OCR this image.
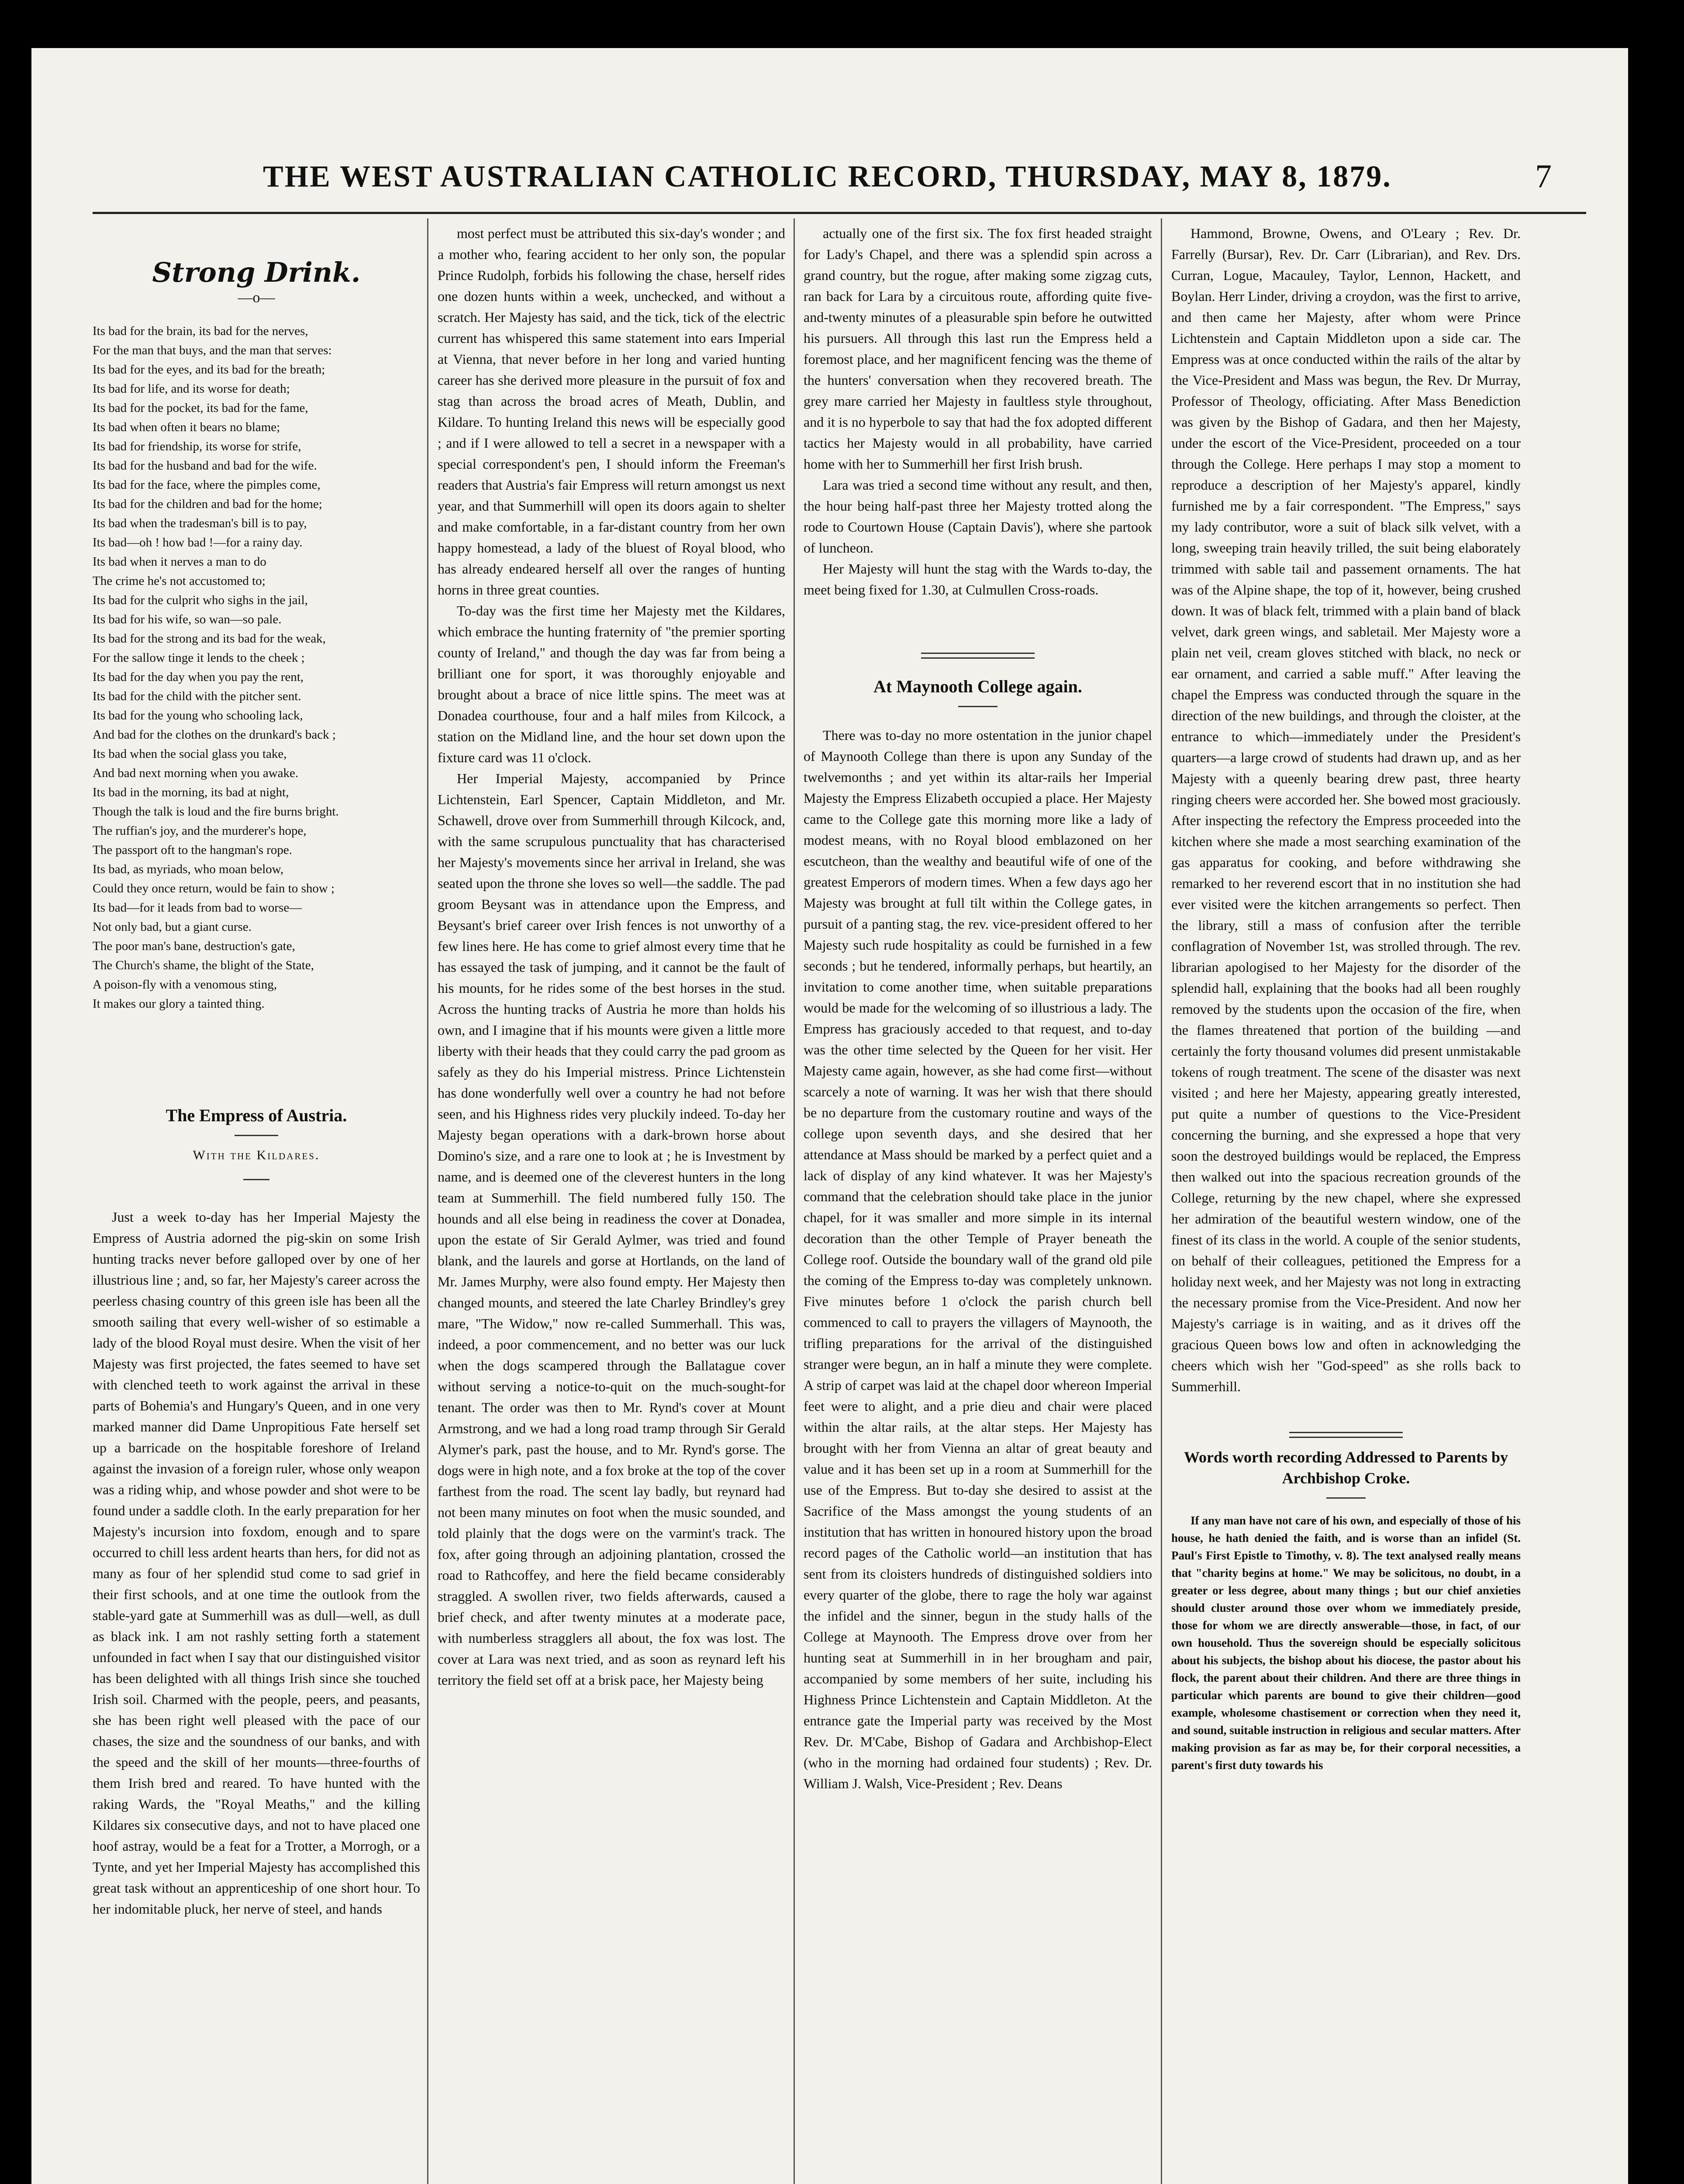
THE WEST AUSTRALIAN CATHOLIC RECORD, THURSDAY, MAY 8, 1879.	7
Strong Drink.
—o—

Its bad for the brain, its bad for the nerves,

For the man that buys, and the man that serves:

Its bad for the eyes, and its bad for the breath;

Its bad for life, and its worse for death;

Its bad for the pocket, its bad for the fame,

Its bad when often it bears no blame;

Its bad for friendship, its worse for strife,

Its bad for the husband and bad for the wife.

Its bad for the face, where the pimples come,

Its bad for the children and bad for the home;

Its bad when the tradesman's bill is to pay,

Its bad—oh ! how bad !—for a rainy day.

Its bad when it nerves a man to do

The crime he's not accustomed to;

Its bad for the culprit who sighs in the jail,

Its bad for his wife, so wan—so pale.

Its bad for the strong and its bad for the weak,

For the sallow tinge it lends to the cheek ;

Its bad for the day when you pay the rent,

Its bad for the child with the pitcher sent.

Its bad for the young who schooling lack,

And bad for the clothes on the drunkard's back ;

Its bad when the social glass you take,

And bad next morning when you awake.

Its bad in the morning, its bad at night,

Though the talk is loud and the fire burns bright.

The ruffian's joy, and the murderer's hope,

The passport oft to the hangman's rope.

Its bad, as myriads, who moan below,

Could they once return, would be fain to show ;

Its bad—for it leads from bad to worse—

Not only bad, but a giant curse.

The poor man's bane, destruction's gate,

The Church's shame, the blight of the State,

A poison-fly with a venomous sting,

It makes our glory a tainted thing.

The Empress of Austria.
With the Kildares.

Just a week to-day has her Imperial Majesty the Empress of Austria adorned the pig-skin on some Irish hunting tracks never before galloped over by one of her illustrious line ; and, so far, her Majesty's career across the peerless chasing country of this green isle has been all the smooth sailing that every well-wisher of so estimable a lady of the blood Royal must desire. When the visit of her Majesty was first projected, the fates seemed to have set with clenched teeth to work against the arrival in these parts of Bohemia's and Hungary's Queen, and in one very marked manner did Dame Unpropitious Fate herself set up a barricade on the hospitable foreshore of Ireland against the invasion of a foreign ruler, whose only weapon was a riding whip, and whose powder and shot were to be found under a saddle cloth. In the early preparation for her Majesty's incursion into foxdom, enough and to spare occurred to chill less ardent hearts than hers, for did not as many as four of her splendid stud come to sad grief in their first schools, and at one time the outlook from the stable-yard gate at Summerhill was as dull—well, as dull as black ink. I am not rashly setting forth a statement unfounded in fact when I say that our distinguished visitor has been delighted with all things Irish since she touched Irish soil. Charmed with the people, peers, and peasants, she has been right well pleased with the pace of our chases, the size and the soundness of our banks, and with the speed and the skill of her mounts—three-fourths of them Irish bred and reared. To have hunted with the raking Wards, the "Royal Meaths," and the killing Kildares six consecutive days, and not to have placed one hoof astray, would be a feat for a Trotter, a Morrogh, or a Tynte, and yet her Imperial Majesty has accomplished this great task without an apprenticeship of one short hour. To her indomitable pluck, her nerve of steel, and hands

most perfect must be attributed this six-day's wonder ; and a mother who, fearing accident to her only son, the popular Prince Rudolph, forbids his following the chase, herself rides one dozen hunts within a week, unchecked, and without a scratch. Her Majesty has said, and the tick, tick of the electric current has whispered this same statement into ears Imperial at Vienna, that never before in her long and varied hunting career has she derived more pleasure in the pursuit of fox and stag than across the broad acres of Meath, Dublin, and Kildare. To hunting Ireland this news will be especially good ; and if I were allowed to tell a secret in a newspaper with a special correspondent's pen, I should inform the Freeman's readers that Austria's fair Empress will return amongst us next year, and that Summerhill will open its doors again to shelter and make comfortable, in a far-distant country from her own happy homestead, a lady of the bluest of Royal blood, who has already endeared herself all over the ranges of hunting horns in three great counties.

To-day was the first time her Majesty met the Kildares, which embrace the hunting fraternity of "the premier sporting county of Ireland," and though the day was far from being a brilliant one for sport, it was thoroughly enjoyable and brought about a brace of nice little spins. The meet was at Donadea courthouse, four and a half miles from Kilcock, a station on the Midland line, and the hour set down upon the fixture card was 11 o'clock.

Her Imperial Majesty, accompanied by Prince Lichtenstein, Earl Spencer, Captain Middleton, and Mr. Schawell, drove over from Summerhill through Kilcock, and, with the same scrupulous punctuality that has characterised her Majesty's movements since her arrival in Ireland, she was seated upon the throne she loves so well—the saddle. The pad groom Beysant was in attendance upon the Empress, and Beysant's brief career over Irish fences is not unworthy of a few lines here. He has come to grief almost every time that he has essayed the task of jumping, and it cannot be the fault of his mounts, for he rides some of the best horses in the stud. Across the hunting tracks of Austria he more than holds his own, and I imagine that if his mounts were given a little more liberty with their heads that they could carry the pad groom as safely as they do his Imperial mistress. Prince Lichtenstein has done wonderfully well over a country he had not before seen, and his Highness rides very pluckily indeed. To-day her Majesty began operations with a dark-brown horse about Domino's size, and a rare one to look at ; he is Investment by name, and is deemed one of the cleverest hunters in the long team at Summerhill. The field numbered fully 150. The hounds and all else being in readiness the cover at Donadea, upon the estate of Sir Gerald Aylmer, was tried and found blank, and the laurels and gorse at Hortlands, on the land of Mr. James Murphy, were also found empty. Her Majesty then changed mounts, and steered the late Charley Brindley's grey mare, "The Widow," now re-called Summerhall. This was, indeed, a poor commencement, and no better was our luck when the dogs scampered through the Ballatague cover without serving a notice-to-quit on the much-sought-for tenant. The order was then to Mr. Rynd's cover at Mount Armstrong, and we had a long road tramp through Sir Gerald Alymer's park, past the house, and to Mr. Rynd's gorse. The dogs were in high note, and a fox broke at the top of the cover farthest from the road. The scent lay badly, but reynard had not been many minutes on foot when the music sounded, and told plainly that the dogs were on the varmint's track. The fox, after going through an adjoining plantation, crossed the road to Rathcoffey, and here the field became considerably straggled. A swollen river, two fields afterwards, caused a brief check, and after twenty minutes at a moderate pace, with numberless stragglers all about, the fox was lost. The cover at Lara was next tried, and as soon as reynard left his territory the field set off at a brisk pace, her Majesty being

actually one of the first six. The fox first headed straight for Lady's Chapel, and there was a splendid spin across a grand country, but the rogue, after making some zigzag cuts, ran back for Lara by a circuitous route, affording quite five-and-twenty minutes of a pleasurable spin before he outwitted his pursuers. All through this last run the Empress held a foremost place, and her magnificent fencing was the theme of the hunters' conversation when they recovered breath. The grey mare carried her Majesty in faultless style throughout, and it is no hyperbole to say that had the fox adopted different tactics her Majesty would in all probability, have carried home with her to Summerhill her first Irish brush.

Lara was tried a second time without any result, and then, the hour being half-past three her Majesty trotted along the rode to Courtown House (Captain Davis'), where she partook of luncheon.

Her Majesty will hunt the stag with the Wards to-day, the meet being fixed for 1.30, at Culmullen Cross-roads.

At Maynooth College again.

There was to-day no more ostentation in the junior chapel of Maynooth College than there is upon any Sunday of the twelvemonths ; and yet within its altar-rails her Imperial Majesty the Empress Elizabeth occupied a place. Her Majesty came to the College gate this morning more like a lady of modest means, with no Royal blood emblazoned on her escutcheon, than the wealthy and beautiful wife of one of the greatest Emperors of modern times. When a few days ago her Majesty was brought at full tilt within the College gates, in pursuit of a panting stag, the rev. vice-president offered to her Majesty such rude hospitality as could be furnished in a few seconds ; but he tendered, informally perhaps, but heartily, an invitation to come another time, when suitable preparations would be made for the welcoming of so illustrious a lady. The Empress has graciously acceded to that request, and to-day was the other time selected by the Queen for her visit. Her Majesty came again, however, as she had come first—without scarcely a note of warning. It was her wish that there should be no departure from the customary routine and ways of the college upon seventh days, and she desired that her attendance at Mass should be marked by a perfect quiet and a lack of display of any kind whatever. It was her Majesty's command that the celebration should take place in the junior chapel, for it was smaller and more simple in its internal decoration than the other Temple of Prayer beneath the College roof. Outside the boundary wall of the grand old pile the coming of the Empress to-day was completely unknown. Five minutes before 1 o'clock the parish church bell commenced to call to prayers the villagers of Maynooth, the trifling preparations for the arrival of the distinguished stranger were begun, an in half a minute they were complete. A strip of carpet was laid at the chapel door whereon Imperial feet were to alight, and a prie dieu and chair were placed within the altar rails, at the altar steps. Her Majesty has brought with her from Vienna an altar of great beauty and value and it has been set up in a room at Summerhill for the use of the Empress. But to-day she desired to assist at the Sacrifice of the Mass amongst the young students of an institution that has written in honoured history upon the broad record pages of the Catholic world—an institution that has sent from its cloisters hundreds of distinguished soldiers into every quarter of the globe, there to rage the holy war against the infidel and the sinner, begun in the study halls of the College at Maynooth. The Empress drove over from her hunting seat at Summerhill in in her brougham and pair, accompanied by some members of her suite, including his Highness Prince Lichtenstein and Captain Middleton. At the entrance gate the Imperial party was received by the Most Rev. Dr. M'Cabe, Bishop of Gadara and Archbishop-Elect (who in the morning had ordained four students) ; Rev. Dr. William J. Walsh, Vice-President ; Rev. Deans

Hammond, Browne, Owens, and O'Leary ; Rev. Dr. Farrelly (Bursar), Rev. Dr. Carr (Librarian), and Rev. Drs. Curran, Logue, Macauley, Taylor, Lennon, Hackett, and Boylan. Herr Linder, driving a croydon, was the first to arrive, and then came her Majesty, after whom were Prince Lichtenstein and Captain Middleton upon a side car. The Empress was at once conducted within the rails of the altar by the Vice-President and Mass was begun, the Rev. Dr Murray, Professor of Theology, officiating. After Mass Benediction was given by the Bishop of Gadara, and then her Majesty, under the escort of the Vice-President, proceeded on a tour through the College. Here perhaps I may stop a moment to reproduce a description of her Majesty's apparel, kindly furnished me by a fair correspondent. "The Empress," says my lady contributor, wore a suit of black silk velvet, with a long, sweeping train heavily trilled, the suit being elaborately trimmed with sable tail and passement ornaments. The hat was of the Alpine shape, the top of it, however, being crushed down. It was of black felt, trimmed with a plain band of black velvet, dark green wings, and sabletail. Mer Majesty wore a plain net veil, cream gloves stitched with black, no neck or ear ornament, and carried a sable muff." After leaving the chapel the Empress was conducted through the square in the direction of the new buildings, and through the cloister, at the entrance to which—immediately under the President's quarters—a large crowd of students had drawn up, and as her Majesty with a queenly bearing drew past, three hearty ringing cheers were accorded her. She bowed most graciously. After inspecting the refectory the Empress proceeded into the kitchen where she made a most searching examination of the gas apparatus for cooking, and before withdrawing she remarked to her reverend escort that in no institution she had ever visited were the kitchen arrangements so perfect. Then the library, still a mass of confusion after the terrible conflagration of November 1st, was strolled through. The rev. librarian apologised to her Majesty for the disorder of the splendid hall, explaining that the books had all been roughly removed by the students upon the occasion of the fire, when the flames threatened that portion of the building —and certainly the forty thousand volumes did present unmistakable tokens of rough treatment. The scene of the disaster was next visited ; and here her Majesty, appearing greatly interested, put quite a number of questions to the Vice-President concerning the burning, and she expressed a hope that very soon the destroyed buildings would be replaced, the Empress then walked out into the spacious recreation grounds of the College, returning by the new chapel, where she expressed her admiration of the beautiful western window, one of the finest of its class in the world. A couple of the senior students, on behalf of their colleagues, petitioned the Empress for a holiday next week, and her Majesty was not long in extracting the necessary promise from the Vice-President. And now her Majesty's carriage is in waiting, and as it drives off the gracious Queen bows low and often in acknowledging the cheers which wish her "God-speed" as she rolls back to Summerhill.

Words worth recording Addressed to Parents by Archbishop Croke.

If any man have not care of his own, and especially of those of his house, he hath denied the faith, and is worse than an infidel (St. Paul's First Epistle to Timothy, v. 8). The text analysed really means that "charity begins at home." We may be solicitous, no doubt, in a greater or less degree, about many things ; but our chief anxieties should cluster around those over whom we immediately preside, those for whom we are directly answerable—those, in fact, of our own household. Thus the sovereign should be especially solicitous about his subjects, the bishop about his diocese, the pastor about his flock, the parent about their children. And there are three things in particular which parents are bound to give their children—good example, wholesome chastisement or correction when they need it, and sound, suitable instruction in religious and secular matters. After making provision as far as may be, for their corporal necessities, a parent's first duty towards his
